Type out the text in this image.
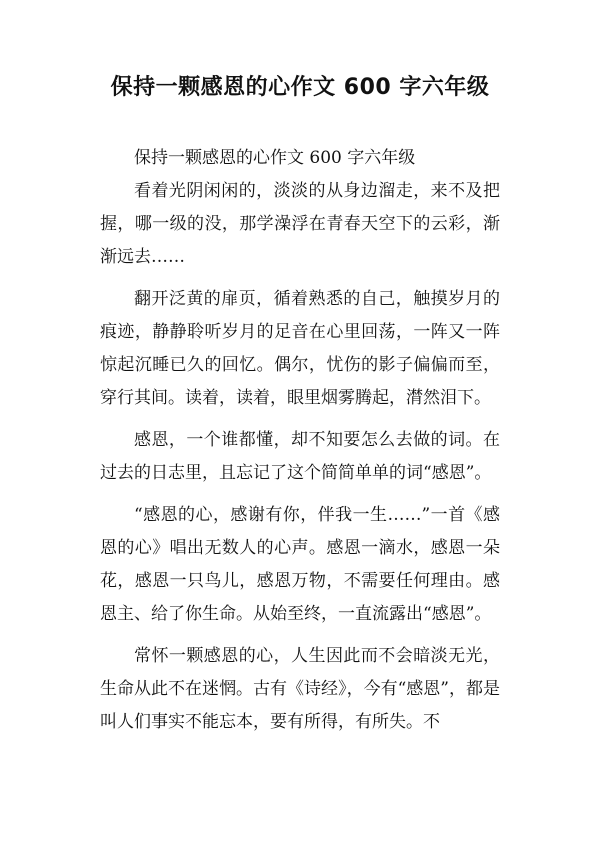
保持一颗感恩的心作文 600 字六年级

保持一颗感恩的心作文 600 字六年级

看着光阴闲闲的，淡淡的从身边溜走，来不及把握，哪一级的没，那学澡浮在青春天空下的云彩，渐渐远去……

翻开泛黄的扉页，循着熟悉的自己，触摸岁月的痕迹，静静聆听岁月的足音在心里回荡，一阵又一阵惊起沉睡已久的回忆。偶尔，忧伤的影子偏偏而至，穿行其间。读着，读着，眼里烟雾腾起，潸然泪下。

感恩，一个谁都懂，却不知要怎么去做的词。在过去的日志里，且忘记了这个简简单单的词“感恩”。

“感恩的心，感谢有你，伴我一生……”一首《感恩的心》唱出无数人的心声。感恩一滴水，感恩一朵花，感恩一只鸟儿，感恩万物，不需要任何理由。感恩主、给了你生命。从始至终，一直流露出“感恩”。

常怀一颗感恩的心，人生因此而不会暗淡无光，生命从此不在迷惘。古有《诗经》，今有“感恩”，都是叫人们事实不能忘本，要有所得，有所失。不
